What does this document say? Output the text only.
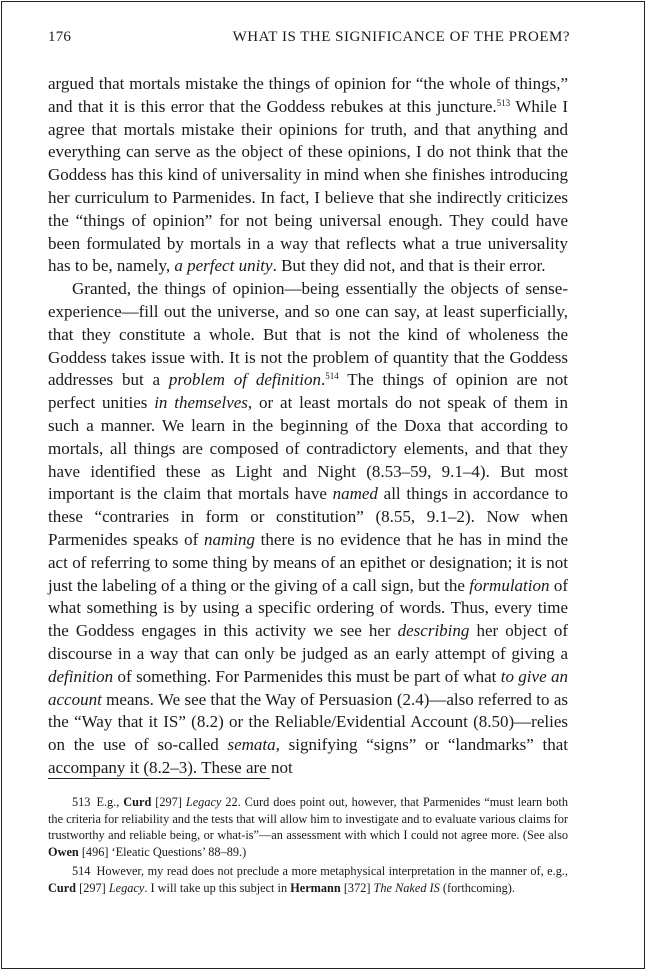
176	WHAT IS THE SIGNIFICANCE OF THE PROEM?

argued that mortals mistake the things of opinion for “the whole of things,” and that it is this error that the Goddess rebukes at this juncture.$^{513}$ While I agree that mortals mistake their opinions for truth, and that anything and everything can serve as the object of these opinions, I do not think that the Goddess has this kind of universality in mind when she finishes introducing her curriculum to Parmenides. In fact, I believe that she indirectly criticizes the “things of opinion” for not being universal enough. They could have been formulated by mortals in a way that reflects what a true universality has to be, namely, a perfect unity. But they did not, and that is their error.

Granted, the things of opinion—being essentially the objects of sense-experience—fill out the universe, and so one can say, at least superficially, that they constitute a whole. But that is not the kind of wholeness the Goddess takes issue with. It is not the problem of quantity that the Goddess addresses but a problem of definition.$^{514}$ The things of opinion are not perfect unities in themselves, or at least mortals do not speak of them in such a manner. We learn in the beginning of the Doxa that according to mortals, all things are composed of contradictory elements, and that they have identified these as Light and Night (8.53–59, 9.1–4). But most important is the claim that mortals have named all things in accordance to these “contraries in form or constitution” (8.55, 9.1–2). Now when Parmenides speaks of naming there is no evidence that he has in mind the act of referring to some thing by means of an epithet or designation; it is not just the labeling of a thing or the giving of a call sign, but the formulation of what something is by using a specific ordering of words. Thus, every time the Goddess engages in this activity we see her describing her object of discourse in a way that can only be judged as an early attempt of giving a definition of something. For Parmenides this must be part of what to give an account means. We see that the Way of Persuasion (2.4)—also referred to as the “Way that it IS” (8.2) or the Reliable/Evidential Account (8.50)—relies on the use of so-called semata, signifying “signs” or “landmarks” that accompany it (8.2–3). These are not

513 E.g., Curd [297] Legacy 22. Curd does point out, however, that Parmenides “must learn both the criteria for reliability and the tests that will allow him to investigate and to evaluate various claims for trustworthy and reliable being, or what-is”—an assessment with which I could not agree more. (See also Owen [496] ‘Eleatic Questions’ 88–89.)

514 However, my read does not preclude a more metaphysical interpretation in the manner of, e.g., Curd [297] Legacy. I will take up this subject in Hermann [372] The Naked IS (forthcoming).
